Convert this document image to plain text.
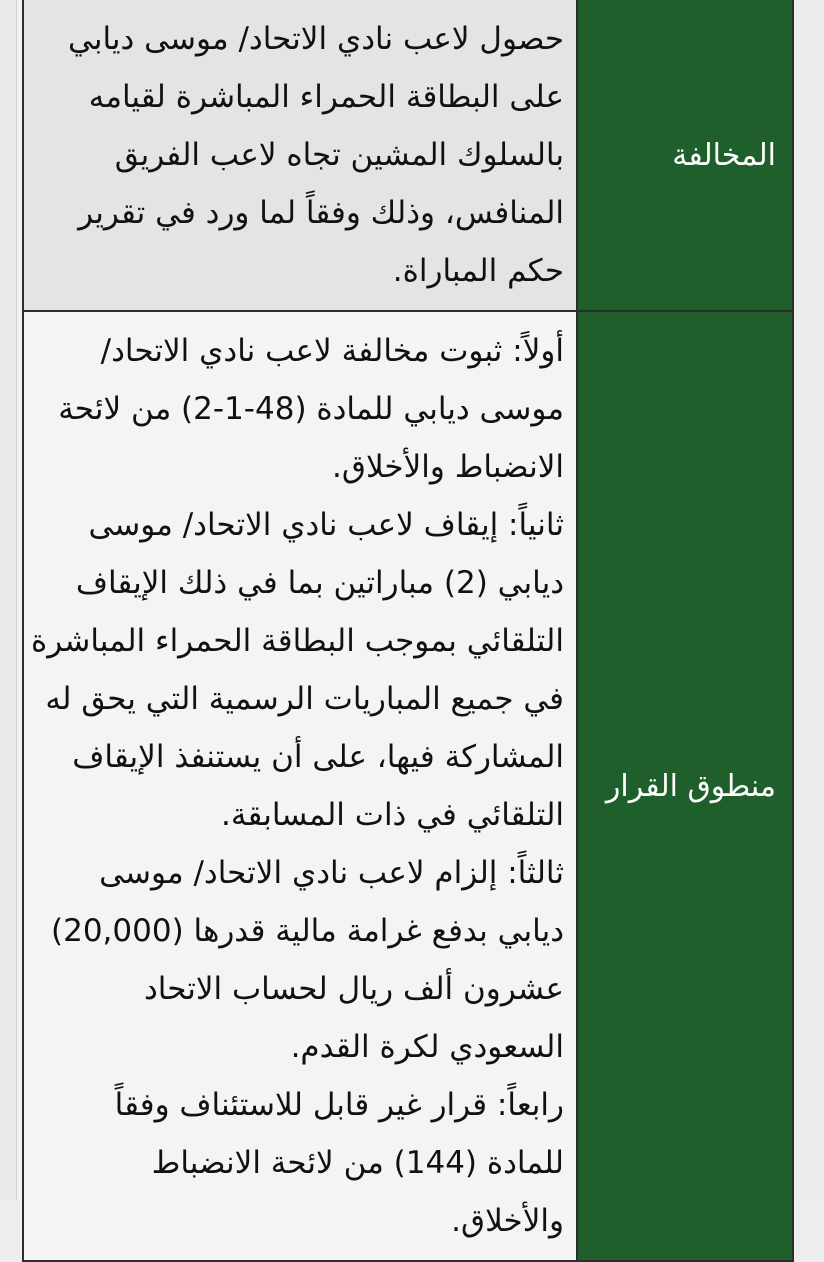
المخالفة	حصول لاعب نادي الاتحاد/ موسى ديابي على البطاقة الحمراء المباشرة لقيامه بالسلوك المشين تجاه لاعب الفريق المنافس، وذلك وفقاً لما ورد في تقرير حكم المباراة.

منطوق القرار	أولاً: ثبوت مخالفة لاعب نادي الاتحاد/ موسى ديابي للمادة (48-1-2) من لائحة الانضباط والأخلاق.
ثانياً: إيقاف لاعب نادي الاتحاد/ موسى ديابي (2) مباراتين بما في ذلك الإيقاف التلقائي بموجب البطاقة الحمراء المباشرة في جميع المباريات الرسمية التي يحق له المشاركة فيها، على أن يستنفذ الإيقاف التلقائي في ذات المسابقة.
ثالثاً: إلزام لاعب نادي الاتحاد/ موسى ديابي بدفع غرامة مالية قدرها (20,000) عشرون ألف ريال لحساب الاتحاد السعودي لكرة القدم.
رابعاً: قرار غير قابل للاستئناف وفقاً للمادة (144) من لائحة الانضباط والأخلاق.
